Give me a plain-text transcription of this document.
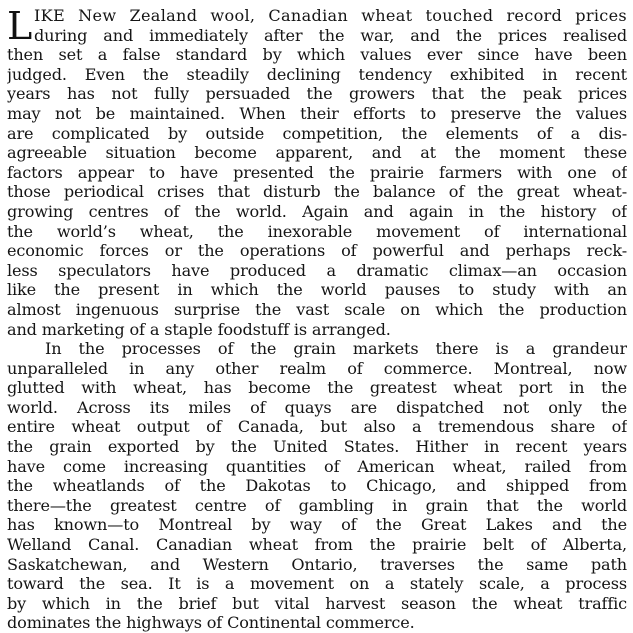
L IKE New Zealand wool, Canadian wheat touched record prices
during and immediately after the war, and the prices realised
then set a false standard by which values ever since have been
judged. Even the steadily declining tendency exhibited in recent
years has not fully persuaded the growers that the peak prices
may not be maintained. When their efforts to preserve the values
are complicated by outside competition, the elements of a dis-
agreeable situation become apparent, and at the moment these
factors appear to have presented the prairie farmers with one of
those periodical crises that disturb the balance of the great wheat-
growing centres of the world. Again and again in the history of
the world’s wheat, the inexorable movement of international
economic forces or the operations of powerful and perhaps reck-
less speculators have produced a dramatic climax—an occasion
like the present in which the world pauses to study with an
almost ingenuous surprise the vast scale on which the production
and marketing of a staple foodstuff is arranged.
In the processes of the grain markets there is a grandeur
unparalleled in any other realm of commerce. Montreal, now
glutted with wheat, has become the greatest wheat port in the
world. Across its miles of quays are dispatched not only the
entire wheat output of Canada, but also a tremendous share of
the grain exported by the United States. Hither in recent years
have come increasing quantities of American wheat, railed from
the wheatlands of the Dakotas to Chicago, and shipped from
there—the greatest centre of gambling in grain that the world
has known—to Montreal by way of the Great Lakes and the
Welland Canal. Canadian wheat from the prairie belt of Alberta,
Saskatchewan, and Western Ontario, traverses the same path
toward the sea. It is a movement on a stately scale, a process
by which in the brief but vital harvest season the wheat traffic
dominates the highways of Continental commerce.
